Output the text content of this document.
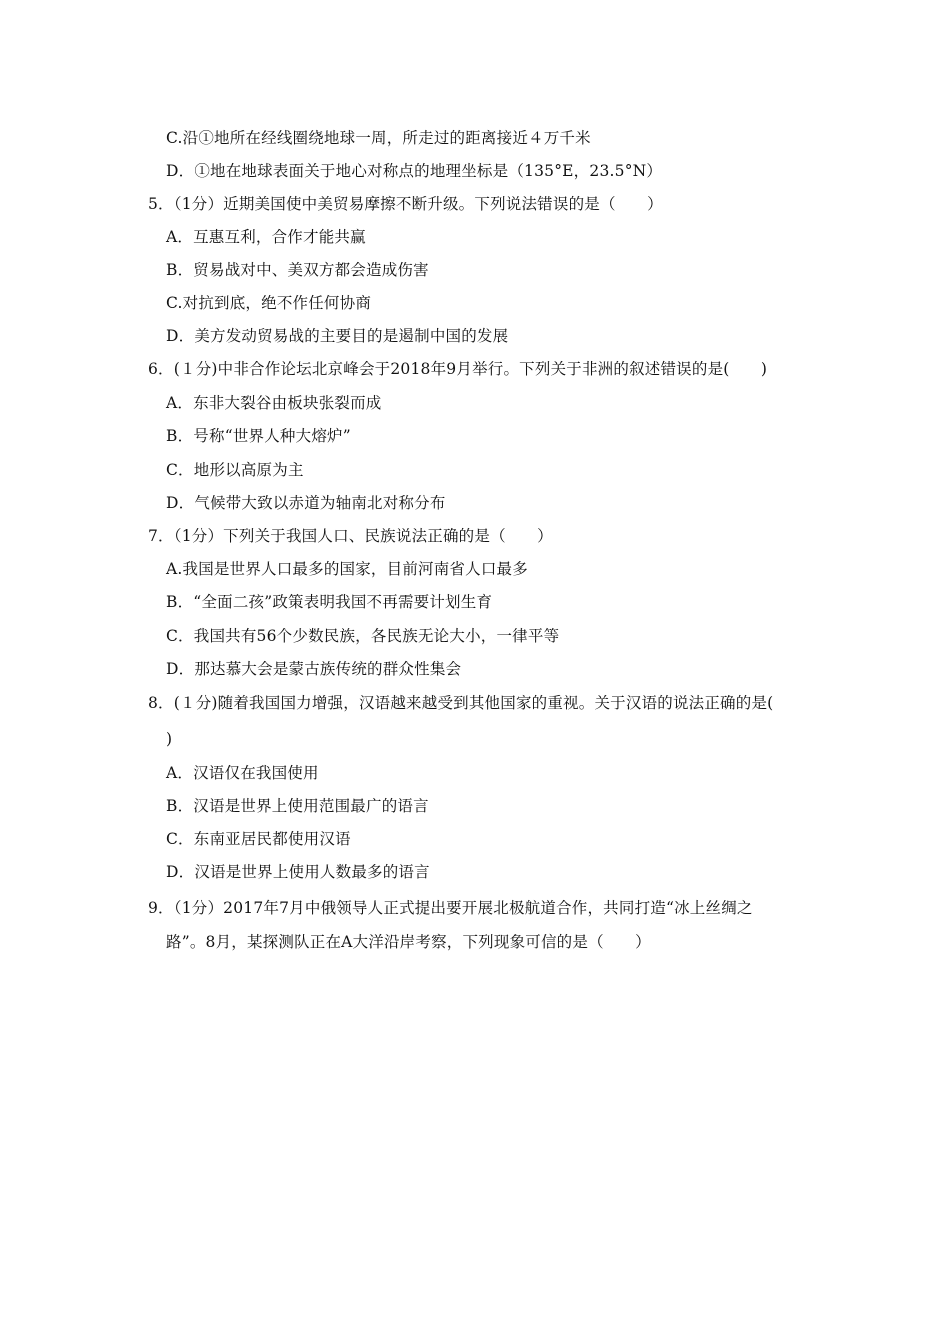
C.沿①地所在经线圈绕地球一周，所走过的距离接近４万千米
D．①地在地球表面关于地心对称点的地理坐标是（135°E，23.5°N）
5．（1分）近期美国使中美贸易摩擦不断升级。下列说法错误的是（　　）
A．互惠互利，合作才能共赢
B．贸易战对中、美双方都会造成伤害
C.对抗到底，绝不作任何协商
D．美方发动贸易战的主要目的是遏制中国的发展
6．(１分)中非合作论坛北京峰会于2018年9月举行。下列关于非洲的叙述错误的是(　　)
A．东非大裂谷由板块张裂而成
B．号称“世界人种大熔炉”
C．地形以高原为主
D．气候带大致以赤道为轴南北对称分布
7．（1分）下列关于我国人口、民族说法正确的是（　　）
A.我国是世界人口最多的国家，目前河南省人口最多
B．“全面二孩”政策表明我国不再需要计划生育
C．我国共有56个少数民族，各民族无论大小，一律平等
D．那达慕大会是蒙古族传统的群众性集会
8．(１分)随着我国国力增强，汉语越来越受到其他国家的重视。关于汉语的说法正确的是(
)
A．汉语仅在我国使用
B．汉语是世界上使用范围最广的语言
C．东南亚居民都使用汉语
D．汉语是世界上使用人数最多的语言
9．（1分）2017年7月中俄领导人正式提出要开展北极航道合作，共同打造“冰上丝绸之
路”。8月，某探测队正在A大洋沿岸考察，下列现象可信的是（　　）
